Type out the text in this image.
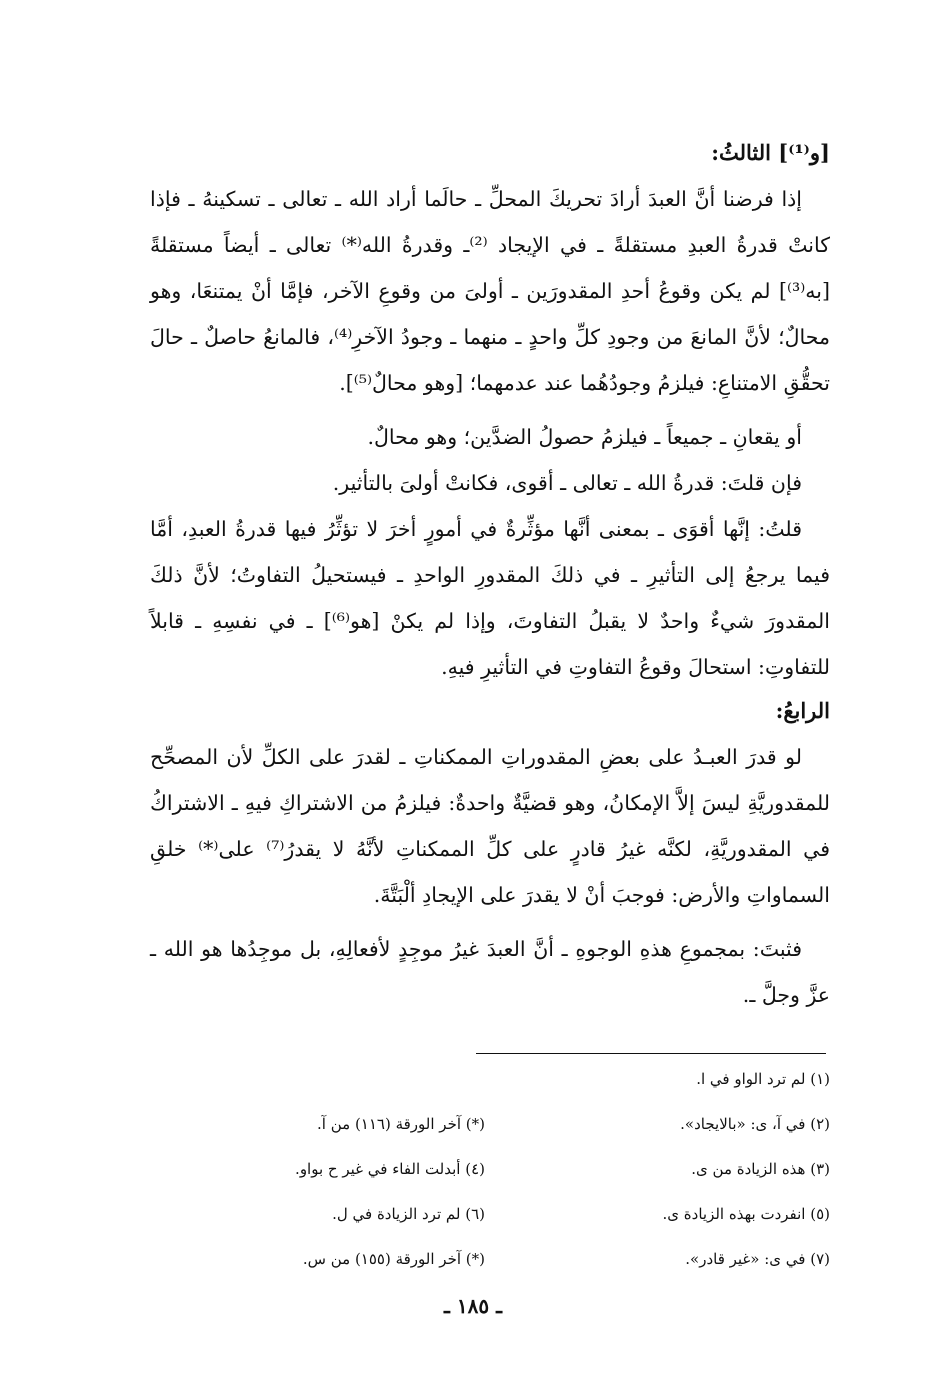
[و⁽¹⁾] الثالثُ:

إذا فرضنا أنَّ العبدَ أرادَ تحريكَ المحلِّ ـ حالَما أراد الله ـ تعالى ـ تسكينهُ ـ فإذا كانتْ قدرةُ العبدِ مستقلةً ـ في الإيجاد ⁽²⁾ـ وقدرةُ الله⁽*⁾ تعالى ـ أيضاً مستقلةً [به⁽³⁾] لم يكن وقوعُ أحدِ المقدورَين ـ أولىَ من وقوعِ الآخر، فإمَّا أنْ يمتنعَا، وهو محالٌ؛ لأنَّ المانعَ من وجودِ كلِّ واحدٍ ـ منهما ـ وجودُ الآخرِ⁽⁴⁾، فالمانعُ حاصلٌ ـ حالَ تحقُّقِ الامتناعِ: فيلزمُ وجودُهُما عند عدمهما؛ [وهو محالٌ⁽⁵⁾].

أو يقعانِ ـ جميعاً ـ فيلزمُ حصولُ الضدَّين؛ وهو محالٌ.

فإن قلتَ: قدرةُ الله ـ تعالى ـ أقوى، فكانتْ أولىَ بالتأثير.

قلتُ: إنَّها أقوَى ـ بمعنى أنَّها مؤثِّرةٌ في أمورٍ أخرَ لا تؤثِّرُ فيها قدرةُ العبدِ، أمَّا فيما يرجعُ إلى التأثيرِ ـ في ذلكَ المقدورِ الواحدِ ـ فيستحيلُ التفاوتُ؛ لأنَّ ذلكَ المقدورَ شيءٌ واحدٌ لا يقبلُ التفاوتَ، وإذا لم يكنْ [هو⁽⁶⁾] ـ في نفسِهِ ـ قابلاً للتفاوتِ: استحالَ وقوعُ التفاوتِ في التأثيرِ فيهِ.

الرابعُ:

لو قدرَ العبـدُ على بعضِ المقدوراتِ الممكناتِ ـ لقدرَ على الكلِّ لأن المصحِّح للمقدوريَّةِ ليسَ إلاَّ الإمكانُ، وهو قضيَّةٌ واحدةٌ: فيلزمُ من الاشتراكِ فيهِ ـ الاشتراكُ في المقدوريَّةِ، لكنَّه غيرُ قادرٍ على كلِّ الممكناتِ لأنَّهُ لا يقدرُ⁽⁷⁾ على⁽*⁾ خلقِ السماواتِ والأرض: فوجبَ أنْ لا يقدرَ على الإيجادِ ألْبَتَّةَ.

فثبتَ: بمجموعِ هذهِ الوجوهِ ـ أنَّ العبدَ غيرُ موجِدٍ لأفعالِهِ، بل موجِدُها هو الله ـ عزَّ وجلَّ ـ.

(١) لم ترد الواو في ا.
(٢) في آ، ى: «بالايجاد».
(*) آخر الورقة (١١٦) من آ.
(٣) هذه الزيادة من ى.
(٤) أبدلت الفاء في غير ح بواو.
(٥) انفردت بهذه الزيادة ى.
(٦) لم ترد الزيادة في ل.
(٧) في ى: «غير قادر».
(*) آخر الورقة (١٥٥) من س.
ـ ١٨٥ ـ
